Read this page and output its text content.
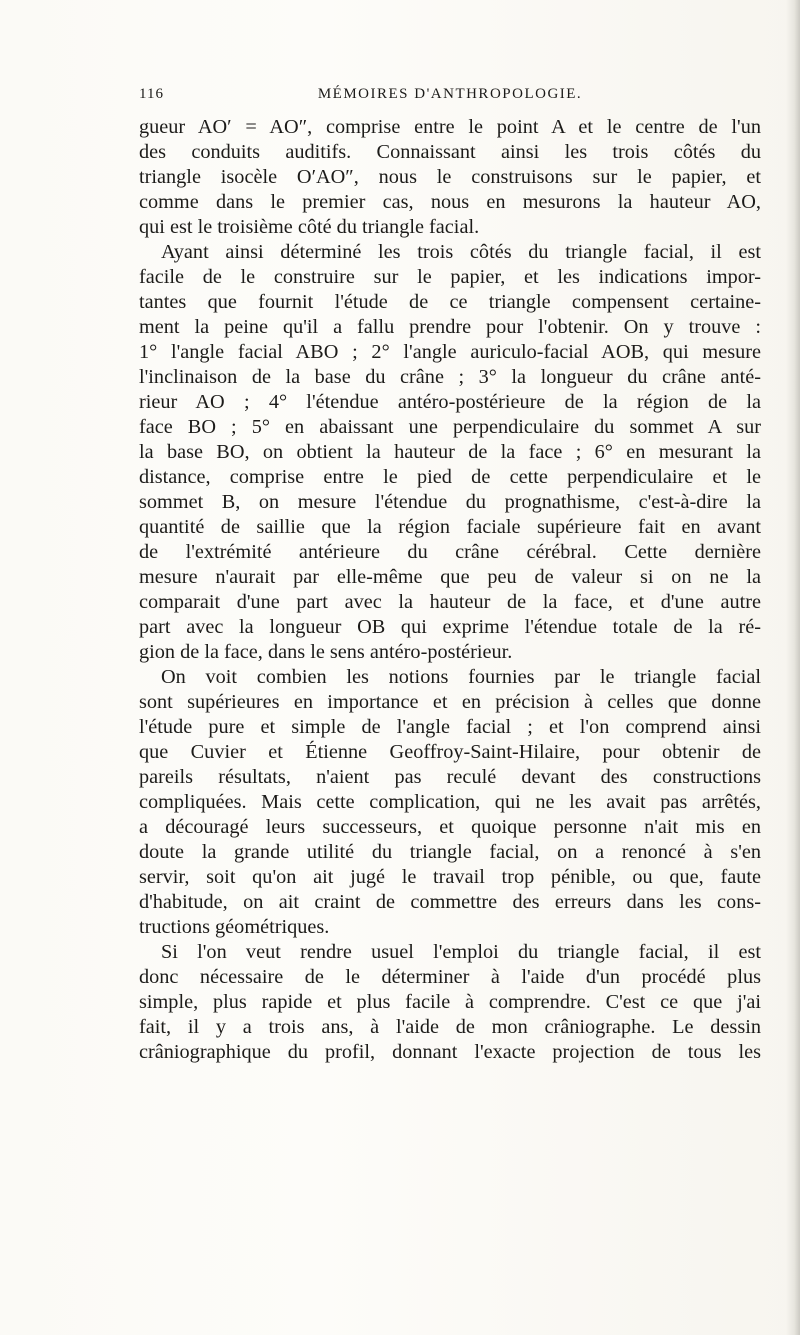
116	MÉMOIRES D'ANTHROPOLOGIE.
gueur AO′ = AO″, comprise entre le point A et le centre de l'un
des conduits auditifs. Connaissant ainsi les trois côtés du
triangle isocèle O′AO″, nous le construisons sur le papier, et
comme dans le premier cas, nous en mesurons la hauteur AO,
qui est le troisième côté du triangle facial.
Ayant ainsi déterminé les trois côtés du triangle facial, il est
facile de le construire sur le papier, et les indications impor-
tantes que fournit l'étude de ce triangle compensent certaine-
ment la peine qu'il a fallu prendre pour l'obtenir. On y trouve :
1° l'angle facial ABO ; 2° l'angle auriculo-facial AOB, qui mesure
l'inclinaison de la base du crâne ; 3° la longueur du crâne anté-
rieur AO ; 4° l'étendue antéro-postérieure de la région de la
face BO ; 5° en abaissant une perpendiculaire du sommet A sur
la base BO, on obtient la hauteur de la face ; 6° en mesurant la
distance, comprise entre le pied de cette perpendiculaire et le
sommet B, on mesure l'étendue du prognathisme, c'est-à-dire la
quantité de saillie que la région faciale supérieure fait en avant
de l'extrémité antérieure du crâne cérébral. Cette dernière
mesure n'aurait par elle-même que peu de valeur si on ne la
comparait d'une part avec la hauteur de la face, et d'une autre
part avec la longueur OB qui exprime l'étendue totale de la ré-
gion de la face, dans le sens antéro-postérieur.
On voit combien les notions fournies par le triangle facial
sont supérieures en importance et en précision à celles que donne
l'étude pure et simple de l'angle facial ; et l'on comprend ainsi
que Cuvier et Étienne Geoffroy-Saint-Hilaire, pour obtenir de
pareils résultats, n'aient pas reculé devant des constructions
compliquées. Mais cette complication, qui ne les avait pas arrêtés,
a découragé leurs successeurs, et quoique personne n'ait mis en
doute la grande utilité du triangle facial, on a renoncé à s'en
servir, soit qu'on ait jugé le travail trop pénible, ou que, faute
d'habitude, on ait craint de commettre des erreurs dans les cons-
tructions géométriques.
Si l'on veut rendre usuel l'emploi du triangle facial, il est
donc nécessaire de le déterminer à l'aide d'un procédé plus
simple, plus rapide et plus facile à comprendre. C'est ce que j'ai
fait, il y a trois ans, à l'aide de mon crâniographe. Le dessin
crâniographique du profil, donnant l'exacte projection de tous les
